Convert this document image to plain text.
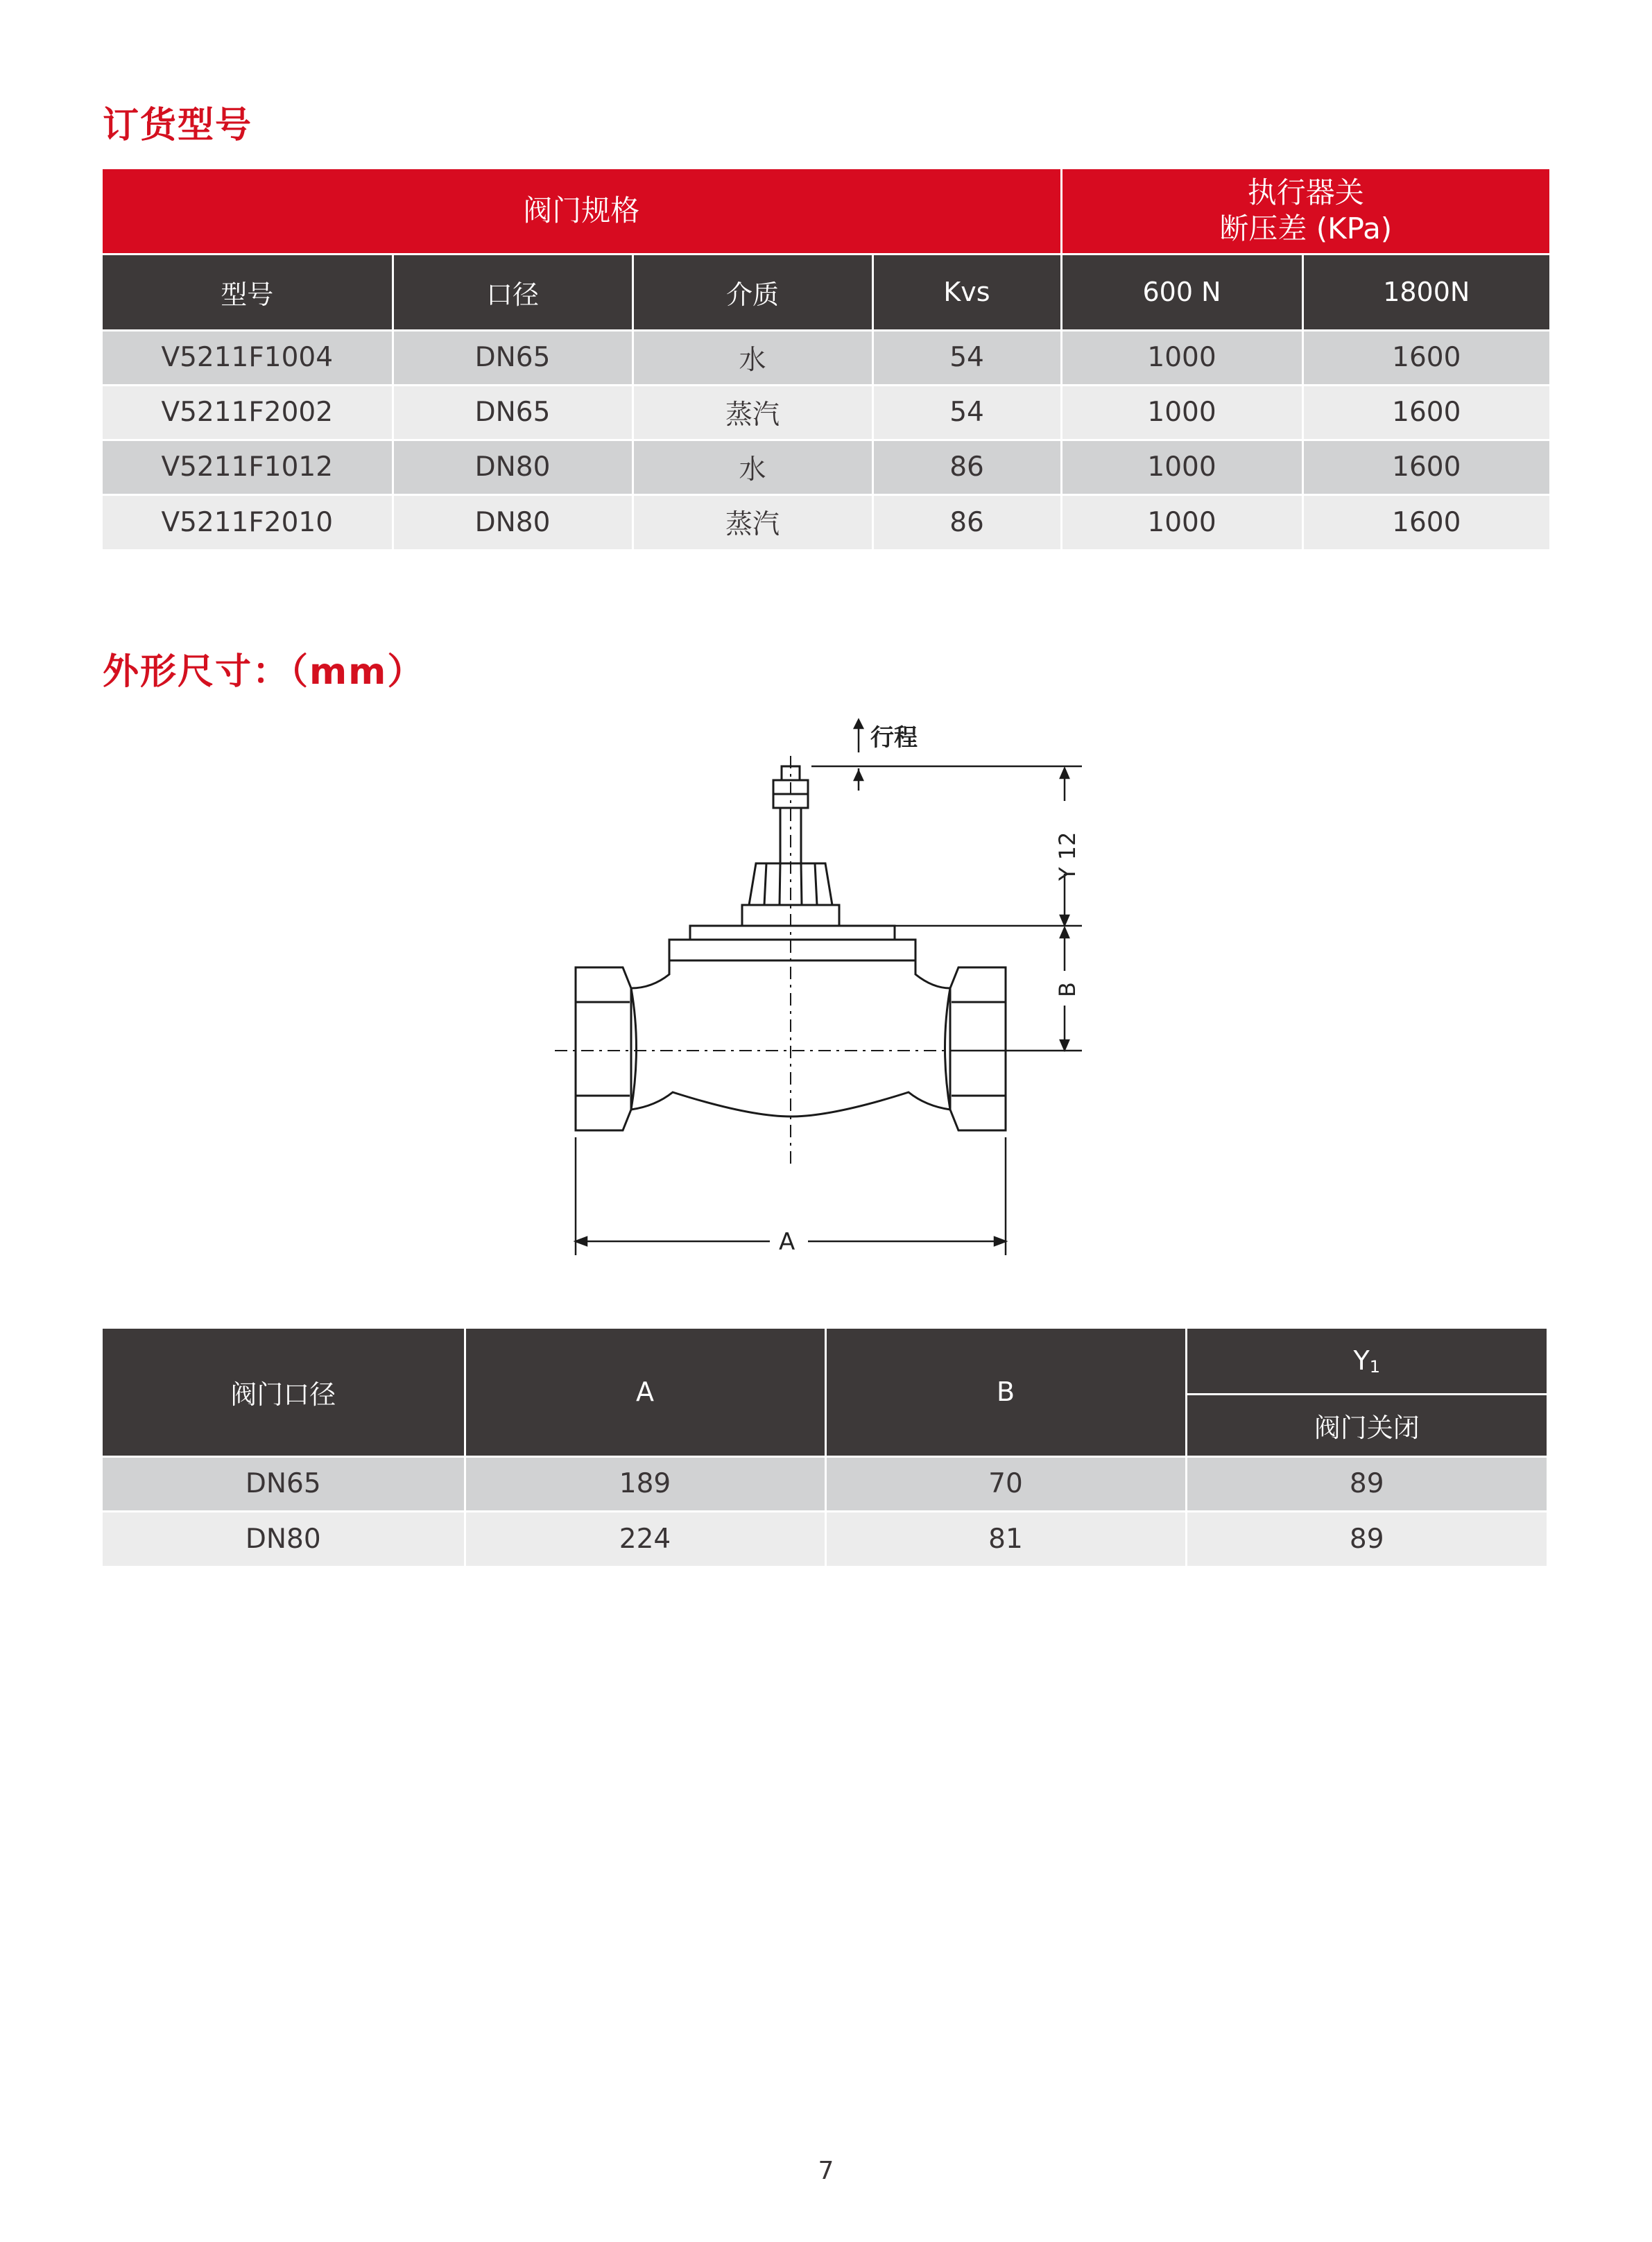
订货型号
阀门规格				执行器关
断压差 (KPa)	

型号	口径	介质	Kvs	600 N	1800N
V5211F1004	DN65	水	54	1000	1600
V5211F2002	DN65	蒸汽	54	1000	1600
V5211F1012	DN80	水	86	1000	1600
V5211F2010	DN80	蒸汽	86	1000	1600
外形尺寸：（mm）
行程
Y 12
B
A
阀门口径	A	B	Y1
			阀门关闭
DN65	189	70	89
DN80	224	81	89
7
